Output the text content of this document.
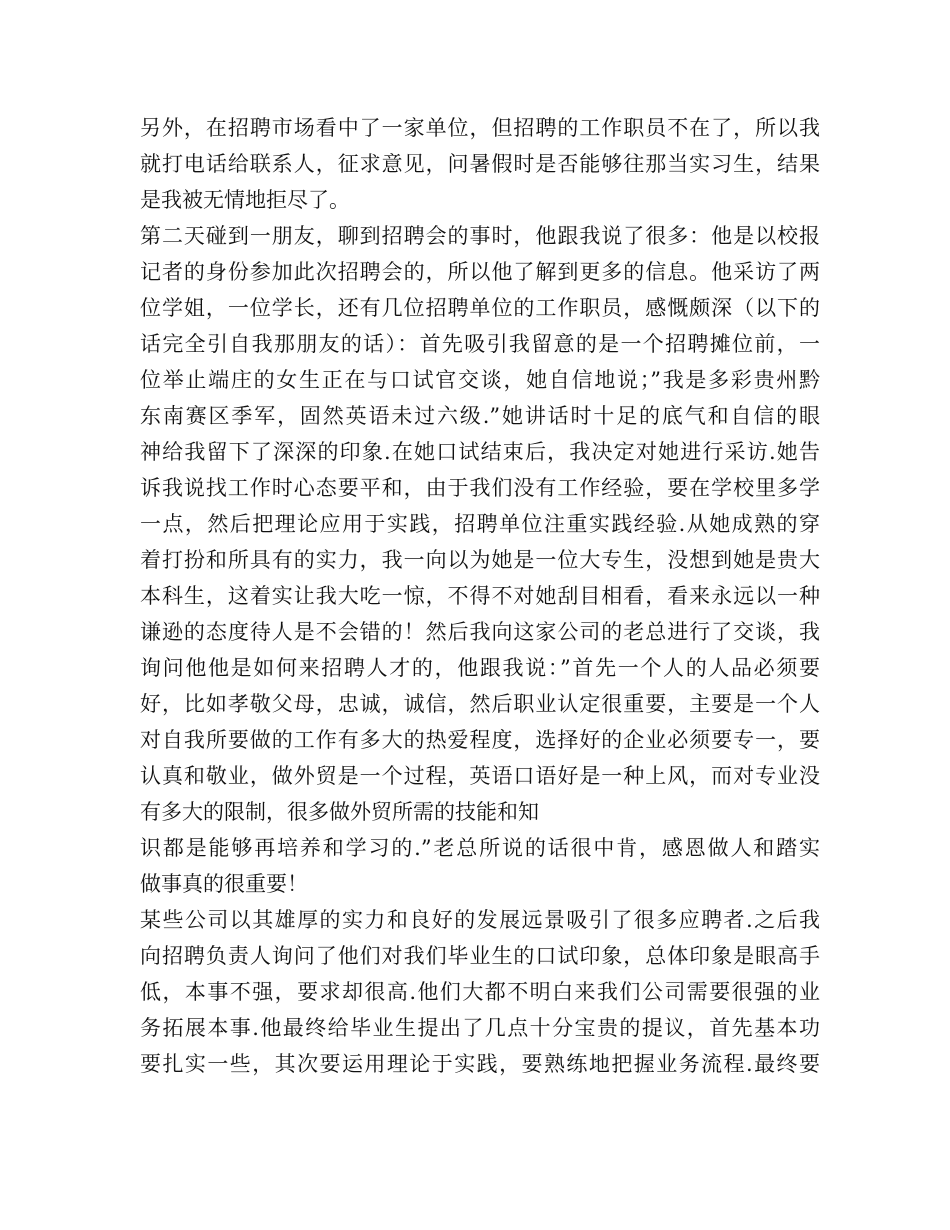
另外，在招聘市场看中了一家单位，但招聘的工作职员不在了，所以我
就打电话给联系人，征求意见，问暑假时是否能够往那当实习生，结果
是我被无情地拒尽了。
第二天碰到一朋友，聊到招聘会的事时，他跟我说了很多：他是以校报
记者的身份参加此次招聘会的，所以他了解到更多的信息。他采访了两
位学姐，一位学长，还有几位招聘单位的工作职员，感慨颇深（以下的
话完全引自我那朋友的话）：首先吸引我留意的是一个招聘摊位前，一
位举止端庄的女生正在与口试官交谈，她自信地说；”我是多彩贵州黔
东南赛区季军，固然英语未过六级.”她讲话时十足的底气和自信的眼
神给我留下了深深的印象.在她口试结束后，我决定对她进行采访.她告
诉我说找工作时心态要平和，由于我们没有工作经验，要在学校里多学
一点，然后把理论应用于实践，招聘单位注重实践经验.从她成熟的穿
着打扮和所具有的实力，我一向以为她是一位大专生，没想到她是贵大
本科生，这着实让我大吃一惊，不得不对她刮目相看，看来永远以一种
谦逊的态度待人是不会错的！然后我向这家公司的老总进行了交谈，我
询问他他是如何来招聘人才的，他跟我说：”首先一个人的人品必须要
好，比如孝敬父母，忠诚，诚信，然后职业认定很重要，主要是一个人
对自我所要做的工作有多大的热爱程度，选择好的企业必须要专一，要
认真和敬业，做外贸是一个过程，英语口语好是一种上风，而对专业没
有多大的限制，很多做外贸所需的技能和知
识都是能够再培养和学习的.”老总所说的话很中肯，感恩做人和踏实
做事真的很重要！
某些公司以其雄厚的实力和良好的发展远景吸引了很多应聘者.之后我
向招聘负责人询问了他们对我们毕业生的口试印象，总体印象是眼高手
低，本事不强，要求却很高.他们大都不明白来我们公司需要很强的业
务拓展本事.他最终给毕业生提出了几点十分宝贵的提议，首先基本功
要扎实一些，其次要运用理论于实践，要熟练地把握业务流程.最终要
